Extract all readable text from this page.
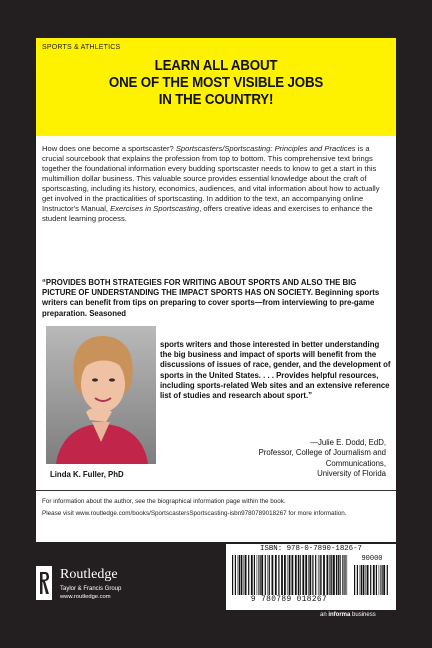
SPORTS & ATHLETICS
LEARN ALL ABOUT
ONE OF THE MOST VISIBLE JOBS
IN THE COUNTRY!
How does one become a sportscaster? Sportscasters/Sportscasting: Principles and Practices is a crucial sourcebook that explains the profession from top to bottom. This comprehensive text brings together the foundational information every budding sportscaster needs to know to get a start in this multimillion dollar business. This valuable source provides essential knowledge about the craft of sportscasting, including its history, economics, audiences, and vital information about how to actually get involved in the practicalities of sportscasting. In addition to the text, an accompanying online Instructor's Manual, Exercises in Sportscasting, offers creative ideas and exercises to enhance the student learning process.
“PROVIDES BOTH STRATEGIES FOR WRITING ABOUT SPORTS AND ALSO THE BIG PICTURE OF UNDERSTANDING THE IMPACT SPORTS HAS ON SOCIETY. Beginning sports writers can benefit from tips on preparing to cover sports—from interviewing to pre-game preparation. Seasoned
Linda K. Fuller, PhD
sports writers and those interested in better understanding the big business and impact of sports will benefit from the discussions of issues of race, gender, and the development of sports in the United States. . . . Provides helpful resources, including sports-related Web sites and an extensive reference list of studies and research about sport.”
—Julie E. Dodd, EdD,
Professor, College of Journalism and
Communications,
University of Florida

For information about the author, see the biographical information page within the book.

Please visit www.routledge.com/books/SportscastersSportscasting-isbn9780789018267 for more information.

Routledge
Taylor & Francis Group
www.routledge.com
ISBN: 978-0-7890-1826-7
90000
9 780789 018267
an informa business
